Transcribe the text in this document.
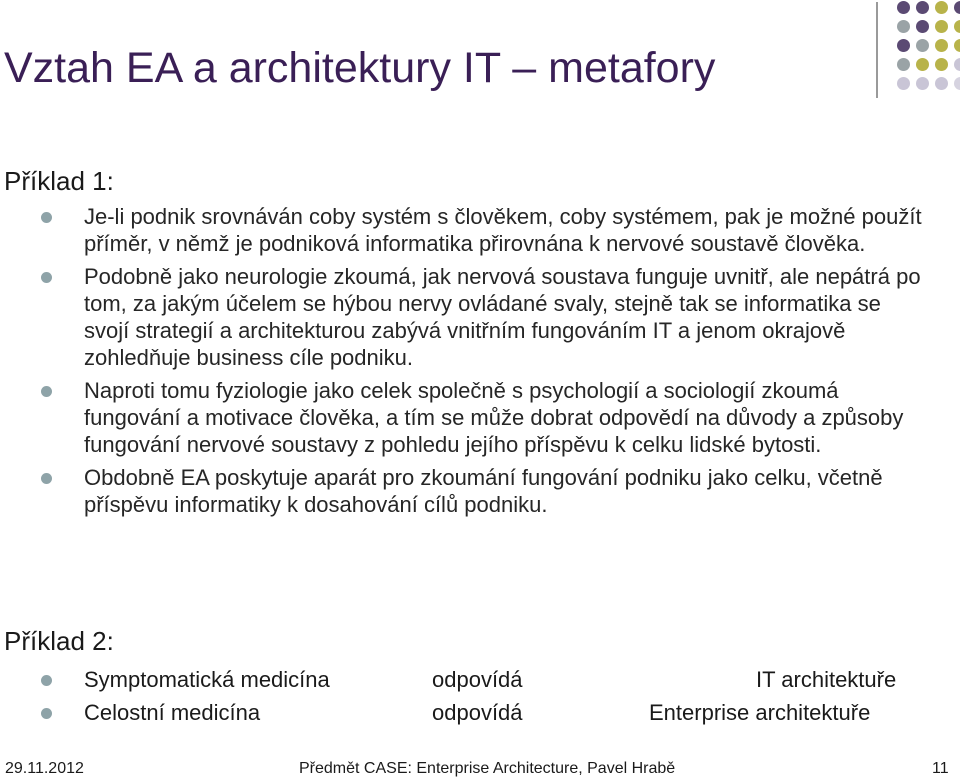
Vztah EA a architektury IT – metafory
Příklad 1:
Je-li podnik srovnáván coby systém s člověkem, coby systémem, pak je možné použít příměr, v němž je podniková informatika přirovnána k nervové soustavě člověka.
Podobně jako neurologie zkoumá, jak nervová soustava funguje uvnitř, ale nepátrá po tom, za jakým účelem se hýbou nervy ovládané svaly, stejně tak se informatika se svojí strategií a architekturou zabývá vnitřním fungováním IT a jenom okrajově zohledňuje business cíle podniku.
Naproti tomu fyziologie jako celek společně s psychologií a sociologií zkoumá fungování a motivace člověka, a tím se může dobrat odpovědí na důvody a způsoby fungování nervové soustavy z pohledu jejího příspěvu k celku lidské bytosti.
Obdobně EA poskytuje aparát pro zkoumání fungování podniku jako celku, včetně příspěvu informatiky k dosahování cílů podniku.
Příklad 2:
Symptomatická medicína	odpovídá	IT architektuře
Celostní medicína	odpovídá	Enterprise architektuře
29.11.2012	Předmět CASE: Enterprise Architecture, Pavel Hrabě	11
